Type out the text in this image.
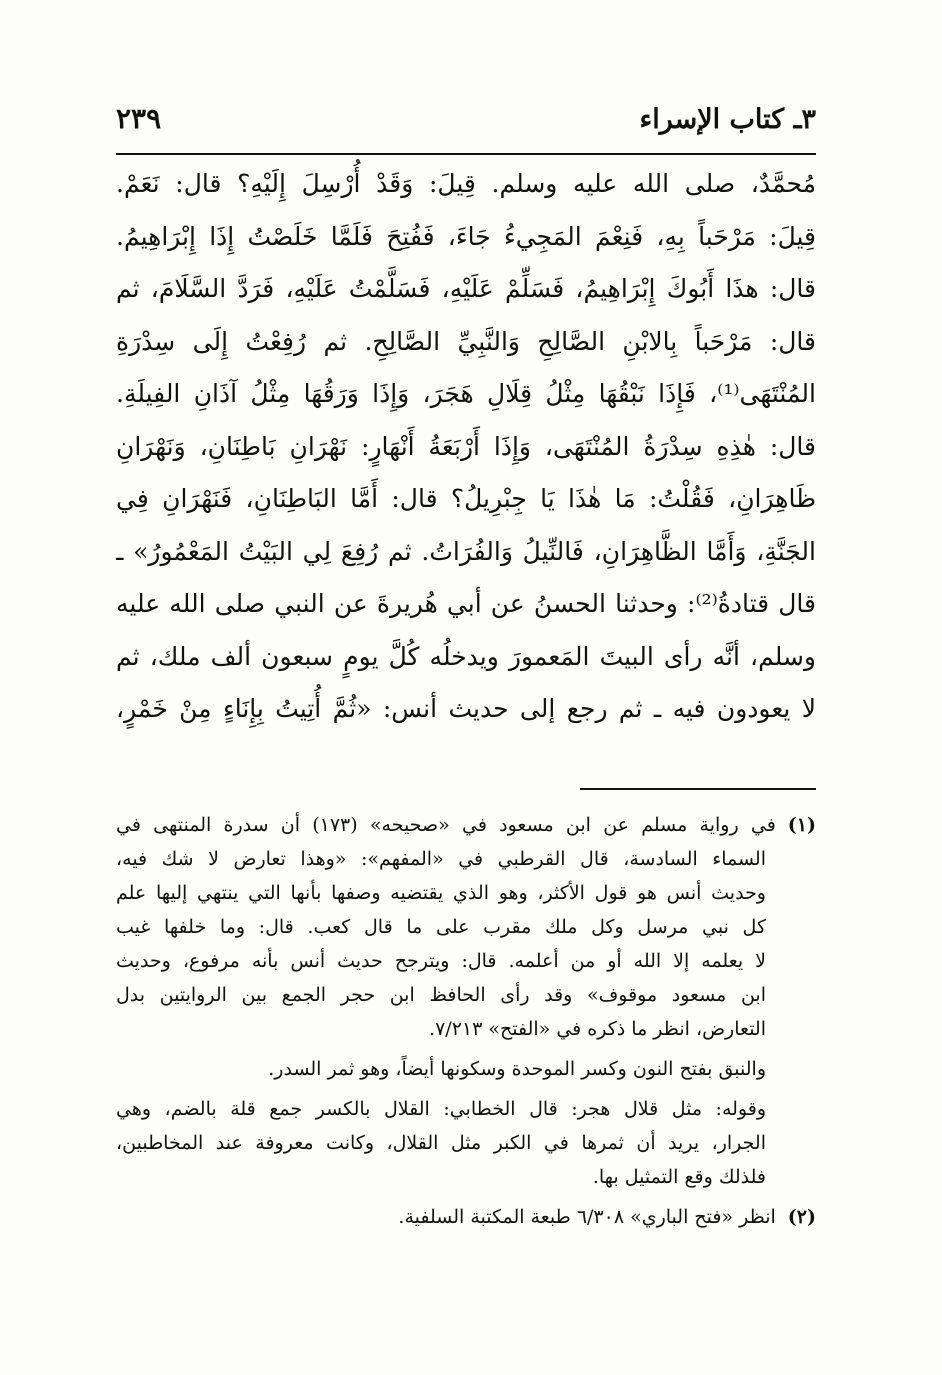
٣ـ كتاب الإسراء
٢٣٩
مُحمَّدٌ، صلى الله عليه وسلم. قِيلَ: وَقَدْ أُرْسِلَ إِلَيْهِ؟ قال: نَعَمْ.
قِيلَ: مَرْحَباً بِهِ، فَنِعْمَ المَجِيءُ جَاءَ، فَفُتِحَ فَلَمَّا خَلَصْتُ إِذَا إِبْرَاهِيمُ.
قال: هذَا أَبُوكَ إِبْرَاهِيمُ، فَسَلِّمْ عَلَيْهِ، فَسَلَّمْتُ عَلَيْهِ، فَرَدَّ السَّلَامَ، ثم
قال: مَرْحَباً بِالابْنِ الصَّالِحِ وَالنَّبِيِّ الصَّالِحِ. ثم رُفِعْتُ إِلَى سِدْرَةِ
المُنْتَهَى⁽¹⁾، فَإِذَا نَبْقُهَا مِثْلُ قِلَالِ هَجَرَ، وَإِذَا وَرَقُهَا مِثْلُ آذَانِ الفِيلَةِ.
قال: هٰذِهِ سِدْرَةُ المُنْتَهَى، وَإِذَا أَرْبَعَةُ أَنْهَارٍ: نَهْرَانِ بَاطِنَانِ، وَنَهْرَانِ
ظَاهِرَانِ، فَقُلْتُ: مَا هٰذَا يَا جِبْرِيلُ؟ قال: أَمَّا البَاطِنَانِ، فَنَهْرَانِ فِي
الجَنَّةِ، وَأَمَّا الظَّاهِرَانِ، فَالنِّيلُ وَالفُرَاتُ. ثم رُفِعَ لِي البَيْتُ المَعْمُورُ» ـ
قال قتادةُ⁽²⁾: وحدثنا الحسنُ عن أبي هُريرةَ عن النبي صلى الله عليه
وسلم، أنَّه رأى البيتَ المَعمورَ ويدخلُه كُلَّ يومٍ سبعون ألف ملك، ثم
لا يعودون فيه ـ ثم رجع إلى حديث أنس: «ثُمَّ أُتِيتُ بِإِنَاءٍ مِنْ خَمْرٍ،
(١)في رواية مسلم عن ابن مسعود في «صحيحه» (١٧٣) أن سدرة المنتهى في
السماء السادسة، قال القرطبي في «المفهم»: «وهذا تعارض لا شك فيه،
وحديث أنس هو قول الأكثر، وهو الذي يقتضيه وصفها بأنها التي ينتهي إليها علم
كل نبي مرسل وكل ملك مقرب على ما قال كعب. قال: وما خلفها غيب
لا يعلمه إلا الله أو من أعلمه. قال: ويترجح حديث أنس بأنه مرفوع، وحديث
ابن مسعود موقوف» وقد رأى الحافظ ابن حجر الجمع بين الروايتين بدل
التعارض، انظر ما ذكره في «الفتح» ٧/٢١٣.
والنبق بفتح النون وكسر الموحدة وسكونها أيضاً، وهو ثمر السدر.
وقوله: مثل قلال هجر: قال الخطابي: القلال بالكسر جمع قلة بالضم، وهي
الجرار، يريد أن ثمرها في الكبر مثل القلال، وكانت معروفة عند المخاطبين،
فلذلك وقع التمثيل بها.
(٢)انظر «فتح الباري» ٦/٣٠٨ طبعة المكتبة السلفية.
